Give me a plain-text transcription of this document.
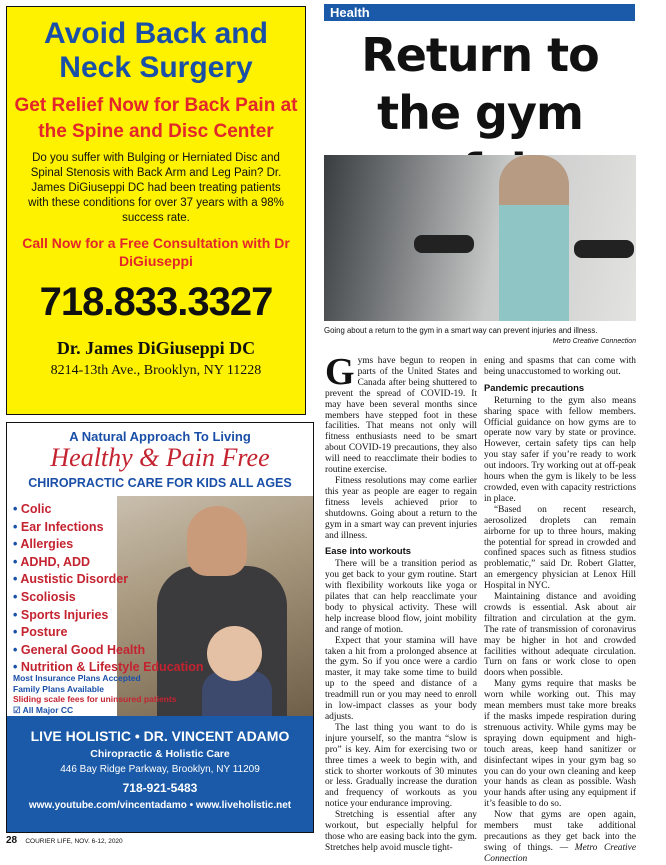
Avoid Back and Neck Surgery
Get Relief Now for Back Pain at the Spine and Disc Center
Do you suffer with Bulging or Herniated Disc and Spinal Stenosis with Back Arm and Leg Pain? Dr. James DiGiuseppi DC had been treating patients with these conditions for over 37 years with a 98% success rate.
Call Now for a Free Consultation with Dr DiGiuseppi
718.833.3327
Dr. James DiGiuseppi DC
8214-13th Ave., Brooklyn, NY 11228
A Natural Approach To Living
Healthy & Pain Free
CHIROPRACTIC CARE FOR KIDS ALL AGES
• Colic
• Ear Infections
• Allergies
• ADHD, ADD
• Austistic Disorder
• Scoliosis
• Sports Injuries
• Posture
• General Good Health
• Nutrition & Lifestyle Education
Most Insurance Plans Accepted
Family Plans Available
Sliding scale fees for uninsured patients
☑ All Major CC
LIVE HOLISTIC • DR. VINCENT ADAMO
Chiropractic & Holistic Care
446 Bay Ridge Parkway, Brooklyn, NY 11209
718-921-5483
www.youtube.com/vincentadamo • www.liveholistic.net
Health
Return to the gym
Going about a return to the gym in a smart way can prevent injuries and illness.
Metro Creative Connection

Gyms have begun to reopen in parts of the United States and Canada after being shuttered to prevent the spread of COVID-19. It may have been several months since members have stepped foot in these facilities. That means not only will fitness enthusiasts need to be smart about COVID-19 precautions, they also will need to reacclimate their bodies to routine exercise.

Fitness resolutions may come earlier this year as people are eager to regain fitness levels achieved prior to shutdowns. Going about a return to the gym in a smart way can prevent injuries and illness.

Ease into workouts

There will be a transition period as you get back to your gym routine. Start with flexibility workouts like yoga or pilates that can help reacclimate your body to physical activity. These will help increase blood flow, joint mobility and range of motion.

Expect that your stamina will have taken a hit from a prolonged absence at the gym. So if you once were a cardio master, it may take some time to build up to the speed and distance of a treadmill run or you may need to enroll in low-impact classes as your body adjusts.

The last thing you want to do is injure yourself, so the mantra “slow is pro” is key. Aim for exercising two or three times a week to begin with, and stick to shorter workouts of 30 minutes or less. Gradually increase the duration and frequency of workouts as you notice your endurance improving.

Stretching is essential after any workout, but especially helpful for those who are easing back into the gym. Stretches help avoid muscle tight-

ening and spasms that can come with being unaccustomed to working out.

Pandemic precautions

Returning to the gym also means sharing space with fellow members. Official guidance on how gyms are to operate now vary by state or province. However, certain safety tips can help you stay safer if you’re ready to work out indoors. Try working out at off-peak hours when the gym is likely to be less crowded, even with capacity restrictions in place.

“Based on recent research, aerosolized droplets can remain airborne for up to three hours, making the potential for spread in crowded and confined spaces such as fitness studios problematic,” said Dr. Robert Glatter, an emergency physician at Lenox Hill Hospital in NYC.

Maintaining distance and avoiding crowds is essential. Ask about air filtration and circulation at the gym. The rate of transmission of coronavirus may be higher in hot and crowded facilities without adequate circulation. Turn on fans or work close to open doors when possible.

Many gyms require that masks be worn while working out. This may mean members must take more breaks if the masks impede respiration during strenuous activity. While gyms may be spraying down equipment and high-touch areas, keep hand sanitizer or disinfectant wipes in your gym bag so you can do your own cleaning and keep your hands as clean as possible. Wash your hands after using any equipment if it’s feasible to do so.

Now that gyms are open again, members must take additional precautions as they get back into the swing of things. — Metro Creative Connection

28 COURIER LIFE, NOV. 6-12, 2020
